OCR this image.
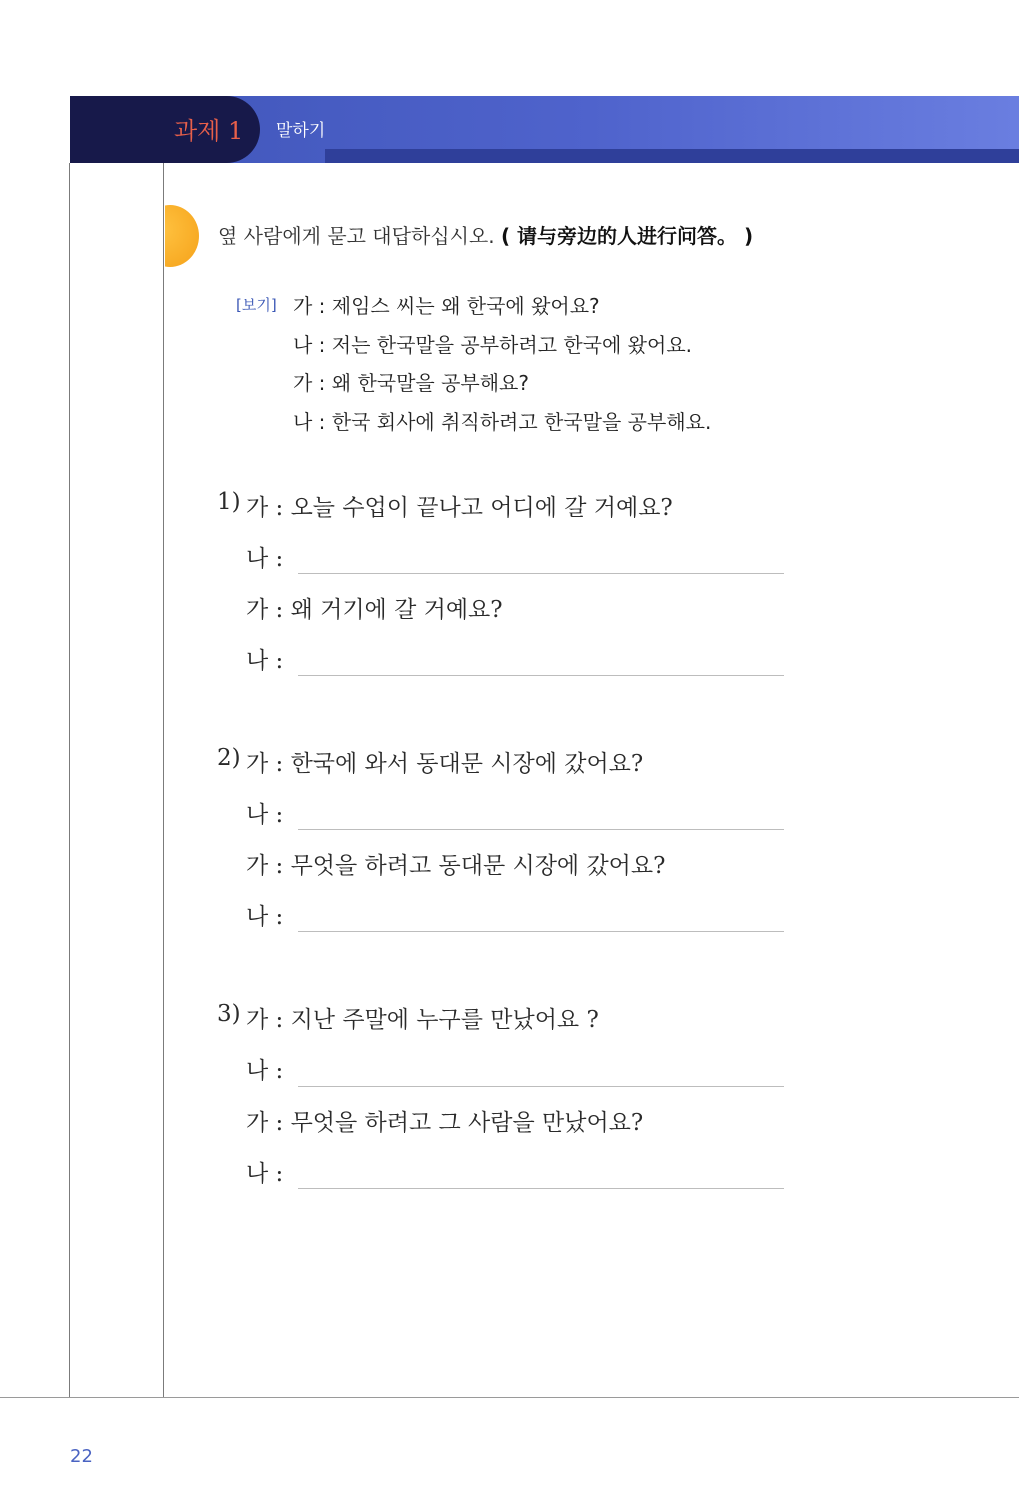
과제 1 말하기
옆 사람에게 묻고 대답하십시오. ( 请与旁边的人进行问答。 )
[보기] 가 : 제임스 씨는 왜 한국에 왔어요?
나 : 저는 한국말을 공부하려고 한국에 왔어요.
가 : 왜 한국말을 공부해요?
나 : 한국 회사에 취직하려고 한국말을 공부해요.
1) 가 : 오늘 수업이 끝나고 어디에 갈 거예요?
나 :
가 : 왜 거기에 갈 거예요?
나 :
2) 가 : 한국에 와서 동대문 시장에 갔어요?
나 :
가 : 무엇을 하려고 동대문 시장에 갔어요?
나 :
3) 가 : 지난 주말에 누구를 만났어요 ?
나 :
가 : 무엇을 하려고 그 사람을 만났어요?
나 :
22
